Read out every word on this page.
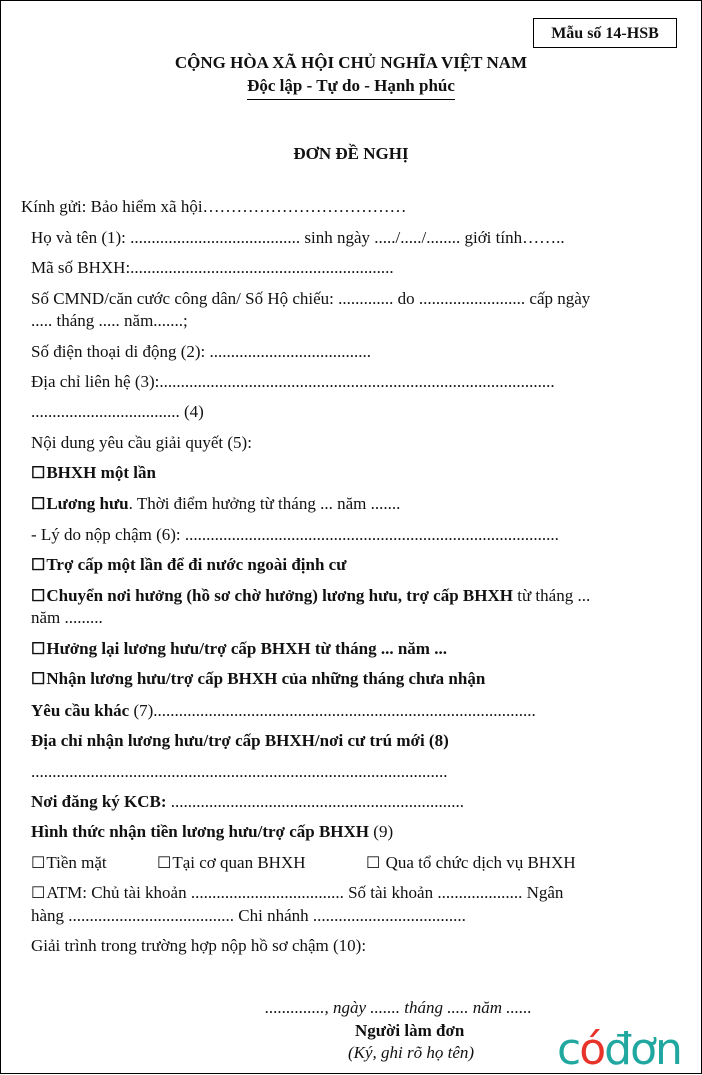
Mẫu số 14-HSB
CỘNG HÒA XÃ HỘI CHỦ NGHĨA VIỆT NAM
Độc lập - Tự do - Hạnh phúc
ĐƠN ĐỀ NGHỊ
Kính gửi: Bảo hiểm xã hội………………………………
Họ và tên (1): ........................................ sinh ngày ...../...../........ giới tính……..
Mã số BHXH:..............................................................
Số CMND/căn cước công dân/ Số Hộ chiếu: ............. do ......................... cấp ngày
..... tháng ..... năm.......;
Số điện thoại di động (2): ......................................
Địa chỉ liên hệ (3):.............................................................................................
................................... (4)
Nội dung yêu cầu giải quyết (5):
☐BHXH một lần
☐Lương hưu. Thời điểm hưởng từ tháng ... năm .......
- Lý do nộp chậm (6): ........................................................................................
☐Trợ cấp một lần để đi nước ngoài định cư
☐Chuyển nơi hưởng (hồ sơ chờ hưởng) lương hưu, trợ cấp BHXH từ tháng ...
năm .........
☐Hưởng lại lương hưu/trợ cấp BHXH từ tháng ... năm ...
☐Nhận lương hưu/trợ cấp BHXH của những tháng chưa nhận
Yêu cầu khác (7)..........................................................................................
Địa chỉ nhận lương hưu/trợ cấp BHXH/nơi cư trú mới (8)
..................................................................................................
Nơi đăng ký KCB: .....................................................................
Hình thức nhận tiền lương hưu/trợ cấp BHXH (9)
☐Tiền mặt	☐Tại cơ quan BHXH	☐ Qua tổ chức dịch vụ BHXH
☐ATM: Chủ tài khoản .................................... Số tài khoản .................... Ngân
hàng ....................................... Chi nhánh ....................................
Giải trình trong trường hợp nộp hồ sơ chậm (10):
.............., ngày ....... tháng ..... năm ......
Người làm đơn
(Ký, ghi rõ họ tên) cóđơn
